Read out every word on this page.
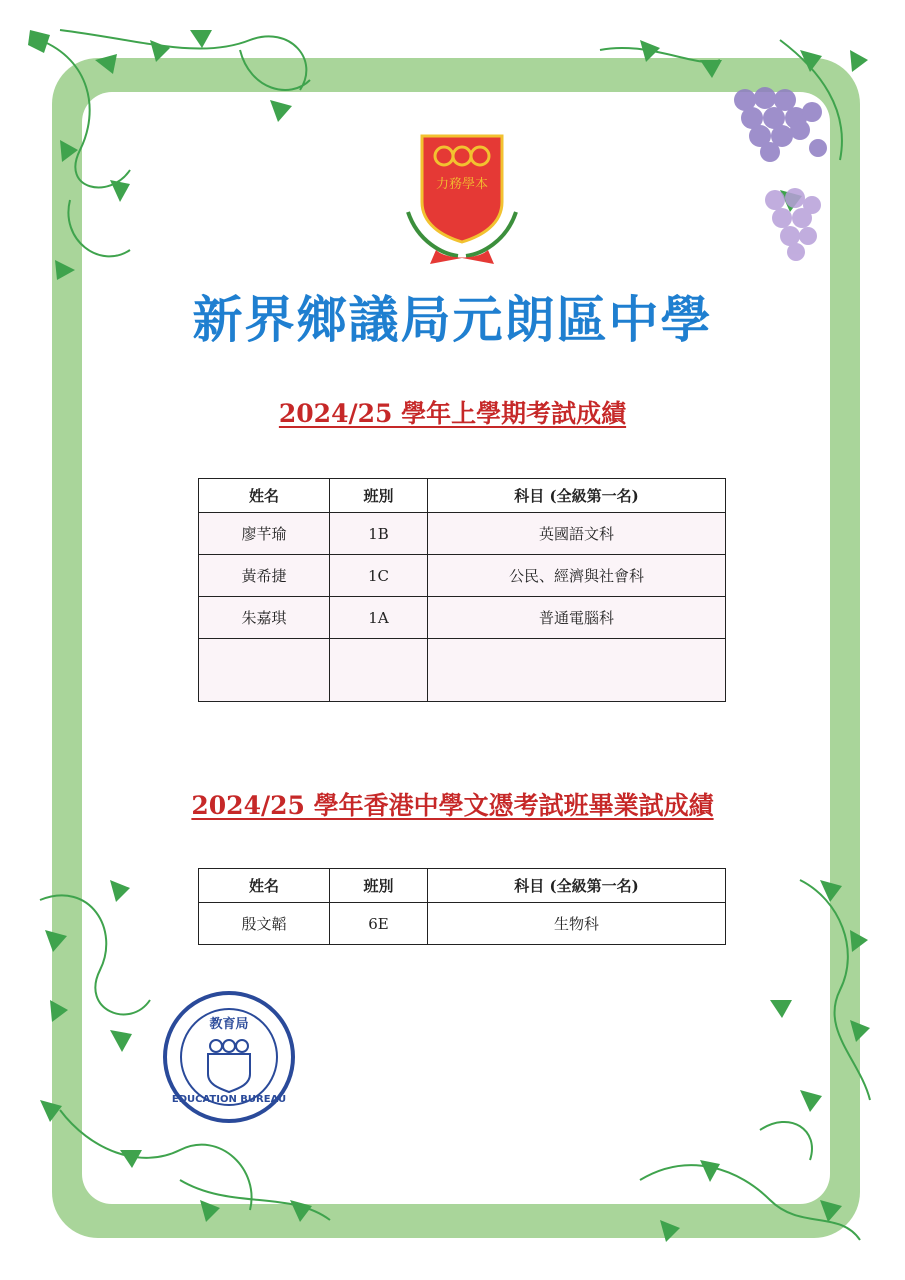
力務學本
新界鄉議局元朗區中學
2024/25 學年上學期考試成績
姓名	班別	科目 (全級第一名)
廖芊瑜	1B	英國語文科
黃希捷	1C	公民、經濟與社會科
朱嘉琪	1A	普通電腦科

2024/25 學年香港中學文憑考試班畢業試成績
姓名	班別	科目 (全級第一名)
殷文韜	6E	生物科
教育局
EDUCATION BUREAU
